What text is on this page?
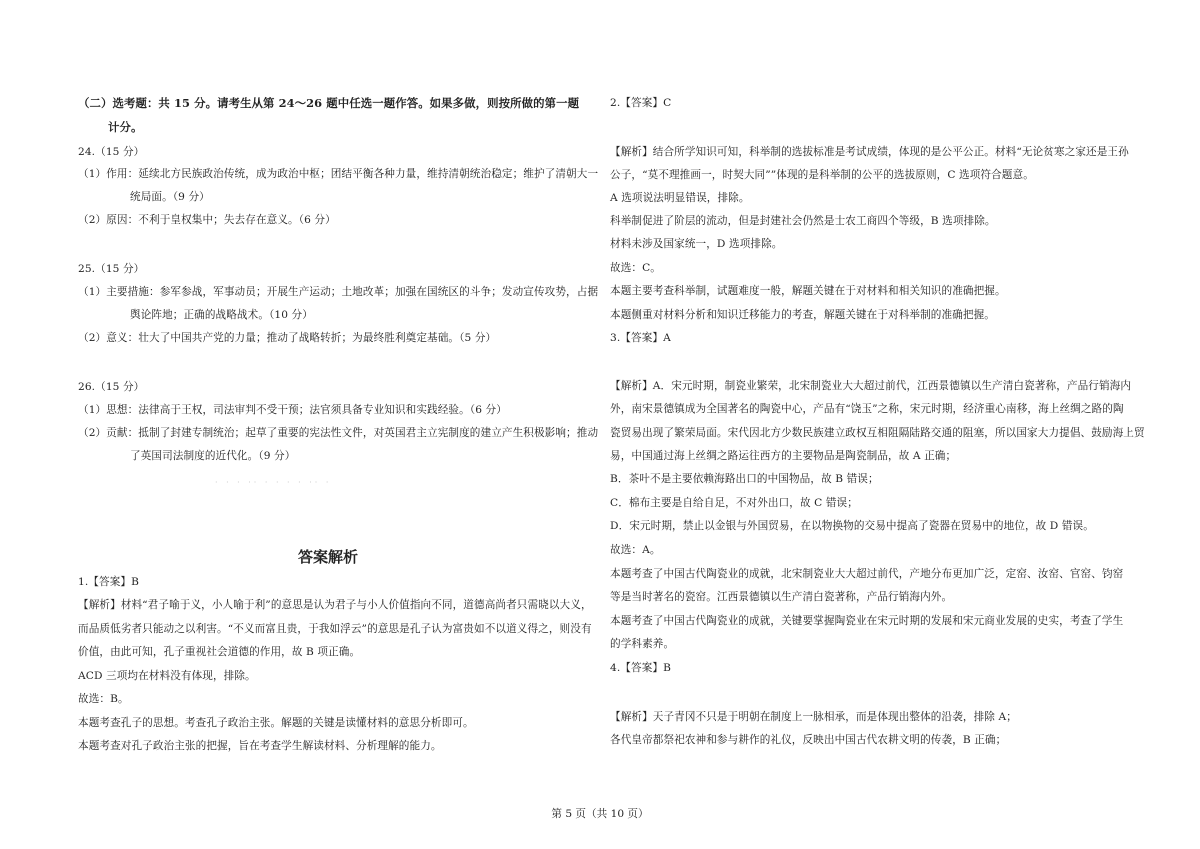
（二）选考题：共 15 分。请考生从第 24～26 题中任选一题作答。如果多做，则按所做的第一题
计分。
24.（15 分）
（1）作用：延续北方民族政治传统，成为政治中枢；团结平衡各种力量，维持清朝统治稳定；维护了清朝大一
统局面。（9 分）
（2）原因：不利于皇权集中；失去存在意义。（6 分）
25.（15 分）
（1）主要措施：参军参战，军事动员；开展生产运动；土地改革；加强在国统区的斗争；发动宣传攻势，占据
舆论阵地；正确的战略战术。（10 分）
（2）意义：壮大了中国共产党的力量；推动了战略转折；为最终胜利奠定基础。（5 分）
26.（15 分）
（1）思想：法律高于王权，司法审判不受干预；法官须具备专业知识和实践经验。（6 分）
（2）贡献：抵制了封建专制统治；起草了重要的宪法性文件，对英国君主立宪制度的建立产生积极影响；推动
了英国司法制度的近代化。（9 分）
答案解析
1.【答案】B
【解析】材料“君子喻于义，小人喻于利”的意思是认为君子与小人价值指向不同，道德高尚者只需晓以大义，
而品质低劣者只能动之以利害。“不义而富且贵，于我如浮云”的意思是孔子认为富贵如不以道义得之，则没有
价值，由此可知，孔子重视社会道德的作用，故 B 项正确。
ACD 三项均在材料没有体现，排除。
故选：B。
本题考查孔子的思想。考查孔子政治主张。解题的关键是读懂材料的意思分析即可。
本题考查对孔子政治主张的把握，旨在考查学生解读材料、分析理解的能力。
· · · ·· · · · · ·· ·
2.【答案】C
【解析】结合所学知识可知，科举制的选拔标准是考试成绩，体现的是公平公正。材料“无论贫寒之家还是王孙
公子，“莫不理推画一，时契大同””体现的是科举制的公平的选拔原则，C 选项符合题意。
A 选项说法明显错误，排除。
科举制促进了阶层的流动，但是封建社会仍然是士农工商四个等级，B 选项排除。
材料未涉及国家统一，D 选项排除。
故选：C。
本题主要考查科举制，试题难度一般，解题关键在于对材料和相关知识的准确把握。
本题侧重对材料分析和知识迁移能力的考查，解题关键在于对科举制的准确把握。
3.【答案】A
【解析】A．宋元时期，制瓷业繁荣，北宋制瓷业大大超过前代，江西景德镇以生产清白瓷著称，产品行销海内
外，南宋景德镇成为全国著名的陶瓷中心，产品有“饶玉”之称，宋元时期，经济重心南移，海上丝绸之路的陶
瓷贸易出现了繁荣局面。宋代因北方少数民族建立政权互相阻隔陆路交通的阻塞，所以国家大力提倡、鼓励海上贸
易，中国通过海上丝绸之路运往西方的主要物品是陶瓷制品，故 A 正确；
B．茶叶不是主要依赖海路出口的中国物品，故 B 错误；
C．棉布主要是自给自足，不对外出口，故 C 错误；
D．宋元时期，禁止以金银与外国贸易，在以物换物的交易中提高了瓷器在贸易中的地位，故 D 错误。
故选：A。
本题考查了中国古代陶瓷业的成就，北宋制瓷业大大超过前代，产地分布更加广泛，定窑、汝窑、官窑、钧窑
等是当时著名的瓷窑。江西景德镇以生产清白瓷著称，产品行销海内外。
本题考查了中国古代陶瓷业的成就，关键要掌握陶瓷业在宋元时期的发展和宋元商业发展的史实，考查了学生
的学科素养。
4.【答案】B
【解析】天子青冈不只是于明朝在制度上一脉相承，而是体现出整体的沿袭，排除 A；
各代皇帝都祭祀农神和参与耕作的礼仪，反映出中国古代农耕文明的传袭，B 正确；
第 5 页（共 10 页）
